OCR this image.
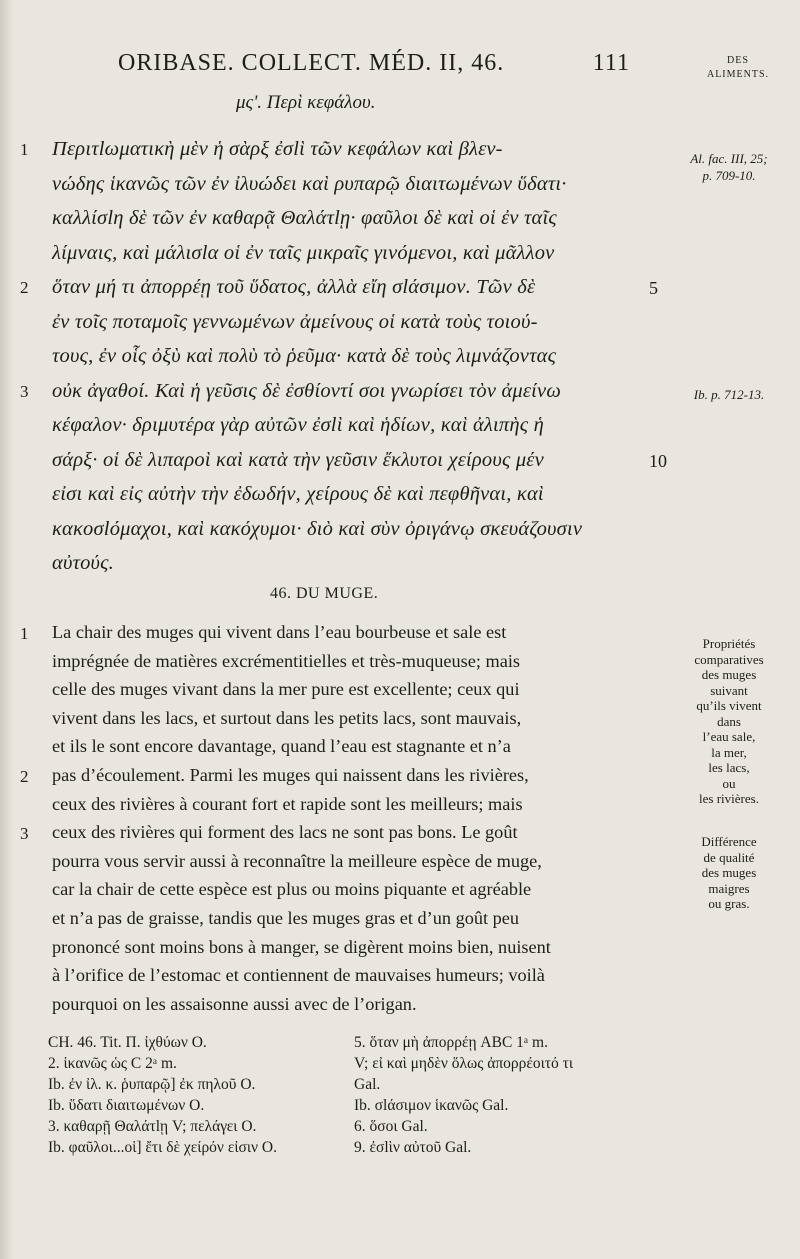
ORIBASE. COLLECT. MÉD. II, 46.	111	DES
ALIMENTS.
μς'. Περὶ κεφάλου.
Περιτlωματικὴ μὲν ἡ σὰρξ ἐσlὶ τῶν κεφάλων καὶ βλεν-
νώδης ἱκανῶς τῶν ἐν ἰλυώδει καὶ ρυπαρῷ διαιτωμένων ὕδατι·
καλλίσlη δὲ τῶν ἐν καθαρᾷ Θαλάτlῃ· φαῦλοι δὲ καὶ οἱ ἐν ταῖς
λίμναις, καὶ μάλισlα οἱ ἐν ταῖς μικραῖς γινόμενοι, καὶ μᾶλλον
ὅταν μή τι ἀπορρέῃ τοῦ ὕδατος, ἀλλὰ εἴη σlάσιμον. Τῶν δὲ
ἐν τοῖς ποταμοῖς γεννωμένων ἀμείνους οἱ κατὰ τοὺς τοιού-
τους, ἐν οἷς ὀξὺ καὶ πολὺ τὸ ῥεῦμα· κατὰ δὲ τοὺς λιμνάζοντας
οὐκ ἀγαθοί. Καὶ ἡ γεῦσις δὲ ἐσθίοντί σοι γνωρίσει τὸν ἀμείνω
κέφαλον· δριμυτέρα γὰρ αὐτῶν ἐσlὶ καὶ ἡδίων, καὶ ἀλιπὴς ἡ
σάρξ· οἱ δὲ λιπαροὶ καὶ κατὰ τὴν γεῦσιν ἔκλυτοι χείρους μέν
εἰσι καὶ εἰς αὐτὴν τὴν ἐδωδήν, χείρους δὲ καὶ πεφθῆναι, καὶ
κακοσlόμαχοι, καὶ κακόχυμοι· διὸ καὶ σὺν ὀριγάνῳ σκευάζουσιν
αὐτούς.
1
2
3
5
10
46. DU MUGE.
La chair des muges qui vivent dans l’eau bourbeuse et sale est
imprégnée de matières excrémentitielles et très-muqueuse; mais
celle des muges vivant dans la mer pure est excellente; ceux qui
vivent dans les lacs, et surtout dans les petits lacs, sont mauvais,
et ils le sont encore davantage, quand l’eau est stagnante et n’a
pas d’écoulement. Parmi les muges qui naissent dans les rivières,
ceux des rivières à courant fort et rapide sont les meilleurs; mais
ceux des rivières qui forment des lacs ne sont pas bons. Le goût
pourra vous servir aussi à reconnaître la meilleure espèce de muge,
car la chair de cette espèce est plus ou moins piquante et agréable
et n’a pas de graisse, tandis que les muges gras et d’un goût peu
prononcé sont moins bons à manger, se digèrent moins bien, nuisent
à l’orifice de l’estomac et contiennent de mauvaises humeurs; voilà
pourquoi on les assaisonne aussi avec de l’origan.
1
2
3
Al. fac. III, 25;
p. 709-10.
Ib. p. 712-13.
Propriétés
comparatives
des muges
suivant
qu’ils vivent
dans
l’eau sale,
la mer,
les lacs,
ou
les rivières.
Différence
de qualité
des muges
maigres
ou gras.
CH. 46. Tit. Π. ἰχθύων O.
2. ἱκανῶς ὡς C 2ᵃ m.
Ib. ἐν ἰλ. κ. ῥυπαρῷ] ἐκ πηλοῦ O.
Ib. ὕδατι διαιτωμένων O.
3. καθαρῇ Θαλάτlῃ V; πελάγει O.
Ib. φαῦλοι...οἱ] ἔτι δὲ χείρόν εἰσιν O.
5. ὅταν μὴ ἀπορρέῃ ABC 1ᵃ m.
V; εἰ καὶ μηδὲν ὅλως ἀπορρέοιτό τι
Gal.
Ib. σlάσιμον ἱκανῶς Gal.
6. ὅσοι Gal.
9. ἐσlὶν αὐτοῦ Gal.
